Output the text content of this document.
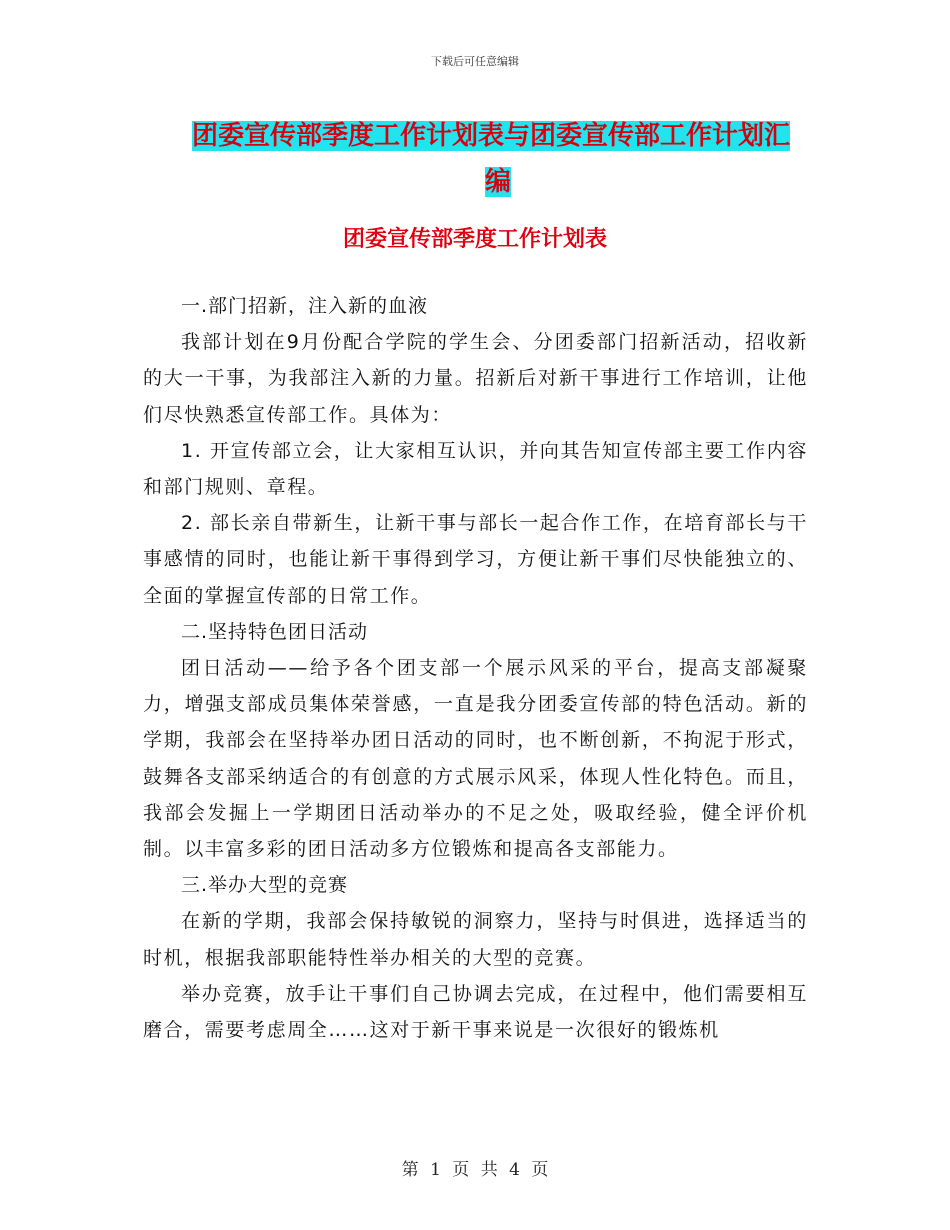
下载后可任意编辑
团委宣传部季度工作计划表与团委宣传部工作计划汇
编
团委宣传部季度工作计划表

一.部门招新，注入新的血液

我部计划在9月份配合学院的学生会、分团委部门招新活动，招收新的大一干事，为我部注入新的力量。招新后对新干事进行工作培训，让他们尽快熟悉宣传部工作。具体为：

1. 开宣传部立会，让大家相互认识，并向其告知宣传部主要工作内容和部门规则、章程。

2. 部长亲自带新生，让新干事与部长一起合作工作，在培育部长与干事感情的同时，也能让新干事得到学习，方便让新干事们尽快能独立的、全面的掌握宣传部的日常工作。

二.坚持特色团日活动

团日活动——给予各个团支部一个展示风采的平台，提高支部凝聚力，增强支部成员集体荣誉感，一直是我分团委宣传部的特色活动。新的学期，我部会在坚持举办团日活动的同时，也不断创新，不拘泥于形式，鼓舞各支部采纳适合的有创意的方式展示风采，体现人性化特色。而且，我部会发掘上一学期团日活动举办的不足之处，吸取经验，健全评价机制。以丰富多彩的团日活动多方位锻炼和提高各支部能力。

三.举办大型的竞赛

在新的学期，我部会保持敏锐的洞察力，坚持与时俱进，选择适当的时机，根据我部职能特性举办相关的大型的竞赛。

举办竞赛，放手让干事们自己协调去完成，在过程中，他们需要相互磨合，需要考虑周全……这对于新干事来说是一次很好的锻炼机

第 1 页 共 4 页
